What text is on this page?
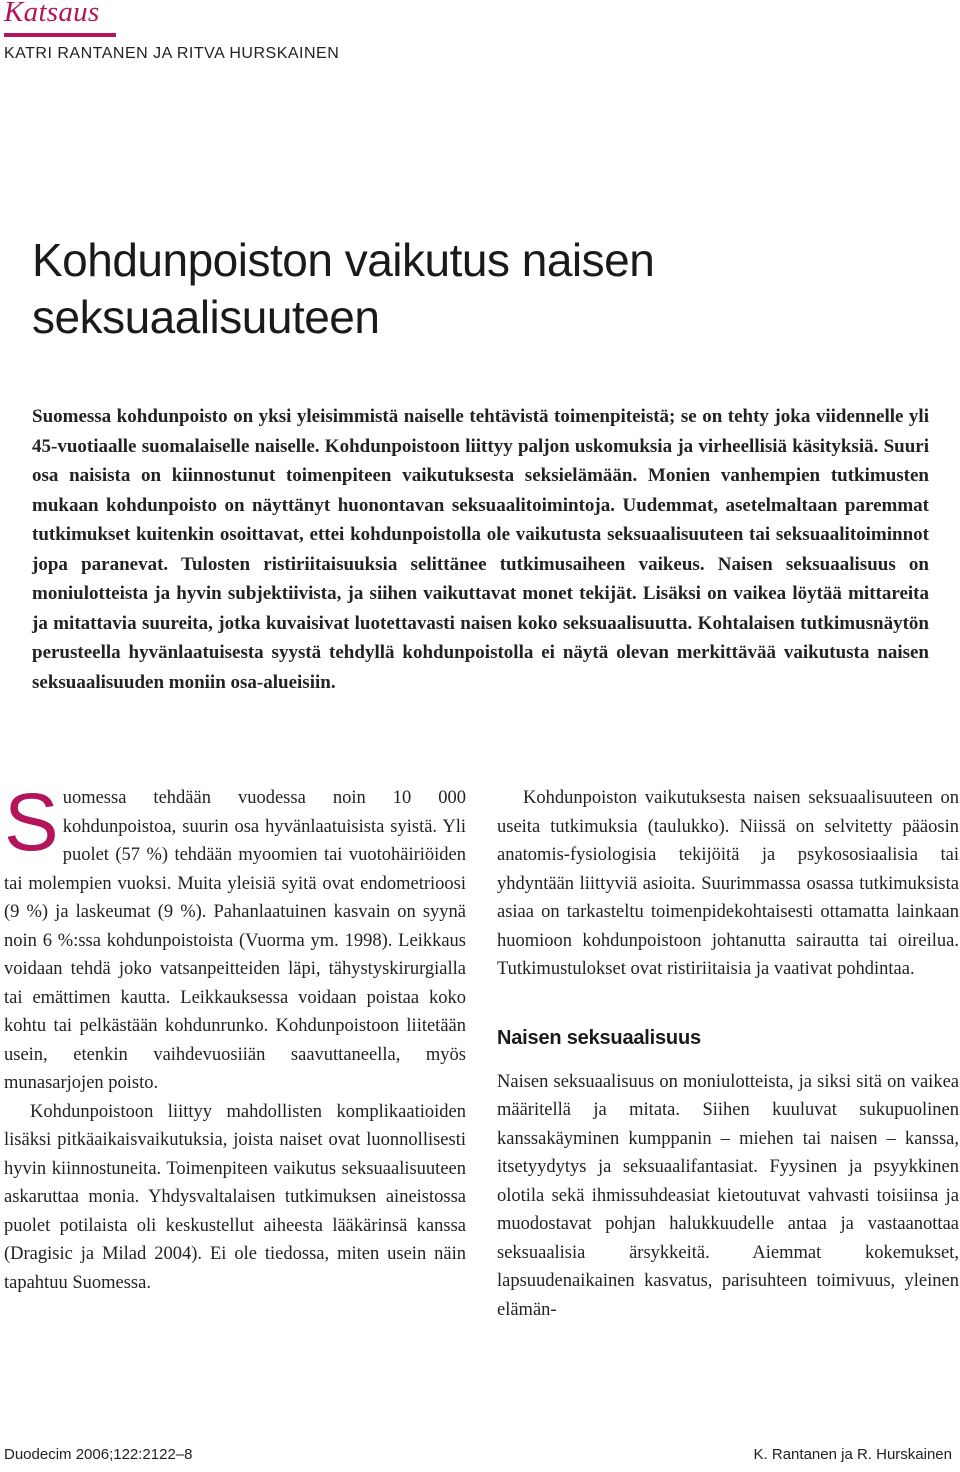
Katsaus
KATRI RANTANEN JA RITVA HURSKAINEN
Kohdunpoiston vaikutus naisen seksuaalisuuteen

Suomessa kohdunpoisto on yksi yleisimmistä naiselle tehtävistä toimenpiteistä; se on tehty joka viidennelle yli 45-vuotiaalle suomalaiselle naiselle. Kohdunpoistoon liittyy paljon uskomuksia ja virheellisiä käsityksiä. Suuri osa naisista on kiinnostunut toimenpiteen vaikutuksesta seksielämään. Monien vanhempien tutkimusten mukaan kohdunpoisto on näyttänyt huonontavan seksuaalitoimintoja. Uudemmat, asetelmaltaan paremmat tutkimukset kuitenkin osoittavat, ettei kohdunpoistolla ole vaikutusta seksuaalisuuteen tai seksuaalitoiminnot jopa paranevat. Tulosten ristiriitaisuuksia selittänee tutkimusaiheen vaikeus. Naisen seksuaalisuus on moniulotteista ja hyvin subjektiivista, ja siihen vaikuttavat monet tekijät. Lisäksi on vaikea löytää mittareita ja mitattavia suureita, jotka kuvaisivat luotettavasti naisen koko seksuaalisuutta. Kohtalaisen tutkimusnäytön perusteella hyvänlaatuisesta syystä tehdyllä kohdunpoistolla ei näytä olevan merkittävää vaikutusta naisen seksuaalisuuden moniin osa-alueisiin.

Suomessa tehdään vuodessa noin 10 000 kohdunpoistoa, suurin osa hyvänlaatuisista syistä. Yli puolet (57 %) tehdään myoomien tai vuotohäiriöiden tai molempien vuoksi. Muita yleisiä syitä ovat endometrioosi (9 %) ja laskeumat (9 %). Pahanlaatuinen kasvain on syynä noin 6 %:ssa kohdunpoistoista (Vuorma ym. 1998). Leikkaus voidaan tehdä joko vatsanpeitteiden läpi, tähystyskirurgialla tai emättimen kautta. Leikkauksessa voidaan poistaa koko kohtu tai pelkästään kohdunrunko. Kohdunpoistoon liitetään usein, etenkin vaihdevuosiiän saavuttaneella, myös munasarjojen poisto.

Kohdunpoistoon liittyy mahdollisten komplikaatioiden lisäksi pitkäaikaisvaikutuksia, joista naiset ovat luonnollisesti hyvin kiinnostuneita. Toimenpiteen vaikutus seksuaalisuuteen askaruttaa monia. Yhdysvaltalaisen tutkimuksen aineistossa puolet potilaista oli keskustellut aiheesta lääkärinsä kanssa (Dragisic ja Milad 2004). Ei ole tiedossa, miten usein näin tapahtuu Suomessa.

Kohdunpoiston vaikutuksesta naisen seksuaalisuuteen on useita tutkimuksia (taulukko). Niissä on selvitetty pääosin anatomis-fysiologisia tekijöitä ja psykososiaalisia tai yhdyntään liittyviä asioita. Suurimmassa osassa tutkimuksista asiaa on tarkasteltu toimenpidekohtaisesti ottamatta lainkaan huomioon kohdunpoistoon johtanutta sairautta tai oireilua. Tutkimustulokset ovat ristiriitaisia ja vaativat pohdintaa.

Naisen seksuaalisuus

Naisen seksuaalisuus on moniulotteista, ja siksi sitä on vaikea määritellä ja mitata. Siihen kuuluvat sukupuolinen kanssakäyminen kumppanin – miehen tai naisen – kanssa, itsetyydytys ja seksuaalifantasiat. Fyysinen ja psyykkinen olotila sekä ihmissuhdeasiat kietoutuvat vahvasti toisiinsa ja muodostavat pohjan halukkuudelle antaa ja vastaanottaa seksuaalisia ärsykkeitä. Aiemmat kokemukset, lapsuudenaikainen kasvatus, parisuhteen toimivuus, yleinen elämän-

Duodecim 2006;122:2122–8	K. Rantanen ja R. Hurskainen
